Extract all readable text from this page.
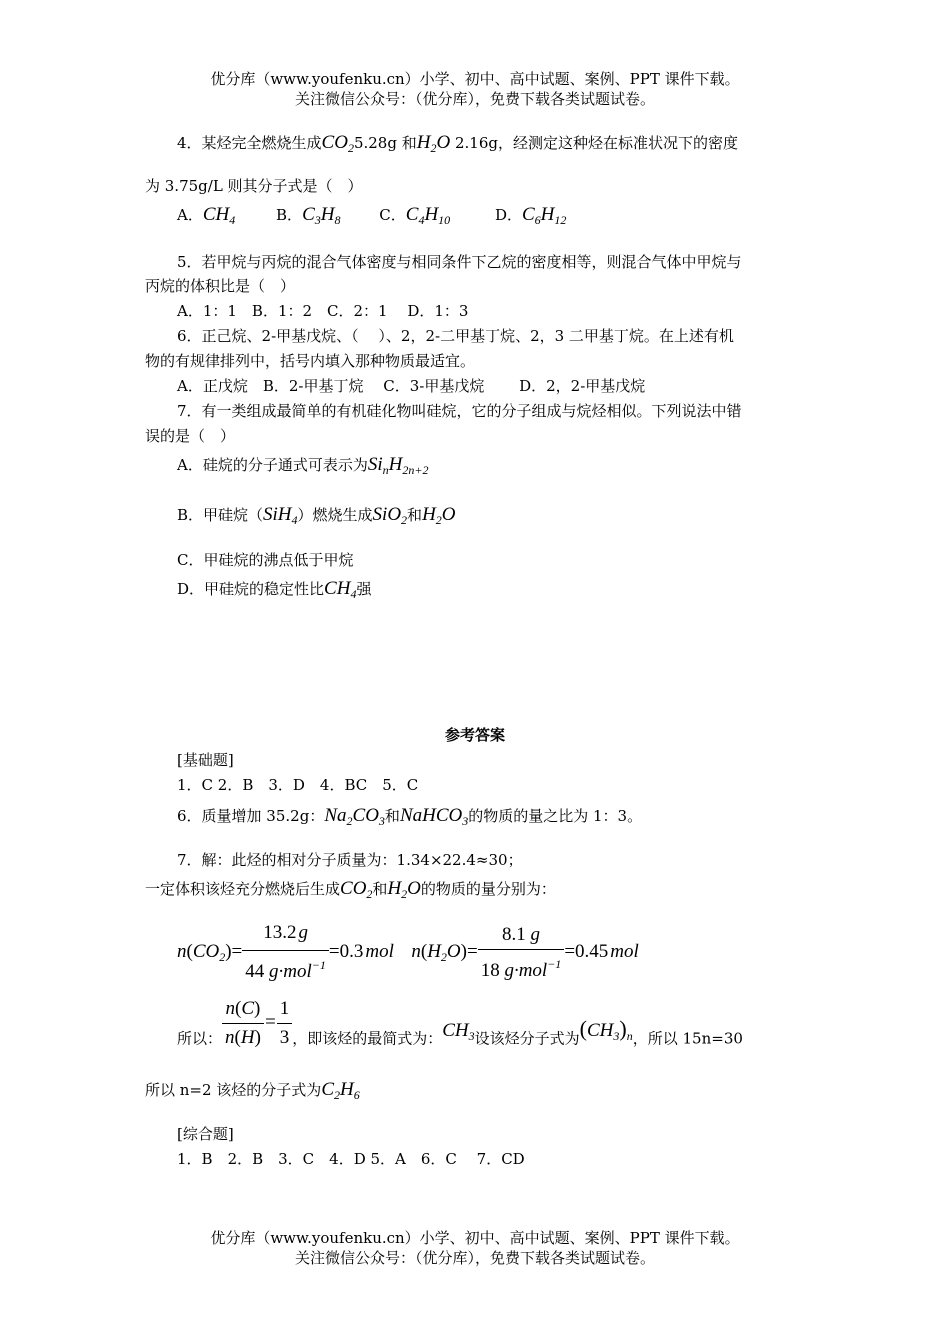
优分库（www.youfenku.cn）小学、初中、高中试题、案例、PPT 课件下载。
关注微信公众号：（优分库），免费下载各类试题试卷。
4．某烃完全燃烧生成$CO_25.28g$ 和$H_2O$ 2.16g，经测定这种烃在标准状况下的密度
为 3.75g/L 则其分子式是（　）
A．$CH_4$	B．$C_3H_8$	C．$C_4H_{10}$	D．$C_6H_{12}$
5．若甲烷与丙烷的混合气体密度与相同条件下乙烷的密度相等，则混合气体中甲烷与
丙烷的体积比是（　）
A．1：1　B．1：2　C．2：1　 D．1：3
6．正己烷、2-甲基戊烷、（　 ）、2，2-二甲基丁烷、2，3 二甲基丁烷。在上述有机
物的有规律排列中，括号内填入那种物质最适宜。
A．正戊烷　B．2-甲基丁烷　 C．3-甲基戊烷　　 D．2，2-甲基戊烷
7．有一类组成最简单的有机硅化物叫硅烷，它的分子组成与烷烃相似。下列说法中错
误的是（　）
A．硅烷的分子通式可表示为$Si_nH_{2n+2}$
B．甲硅烷（SiH$_4$）燃烧生成SiO$_2$和$H_2O$
C．甲硅烷的沸点低于甲烷
D．甲硅烷的稳定性比$CH_4$强
参考答案
[基础题]
1．C 2．B　3．D　4．BC　5．C
6．质量增加 35.2g：$Na_2CO_3$和NaHCO$_3$的物质的量之比为 1：3。
7．解：此烃的相对分子质量为：1.34×22.4≈30；
一定体积该烃充分燃烧后生成$CO_2$和$H_2O$的物质的量分别为：
$n(CO_2)= \frac{13.2 g}{44 g\cdot mol^{-1}} =0.3$ mol  $n(H_2O)= \frac{8.1 g}{18 g\cdot mol^{-1}} =0.45$ mol
所以： $\frac{n(C)}{n(H)} = \frac{1}{3}$ ，即该烃的最简式为：$CH_3$设该烃分子式为$(CH_3)_n$，所以 15n=30
所以 n=2 该烃的分子式为$C_2H_6$
[综合题]
1．B　2．B　3．C　4．D 5．A　6．C　 7．CD
优分库（www.youfenku.cn）小学、初中、高中试题、案例、PPT 课件下载。
关注微信公众号：（优分库），免费下载各类试题试卷。
